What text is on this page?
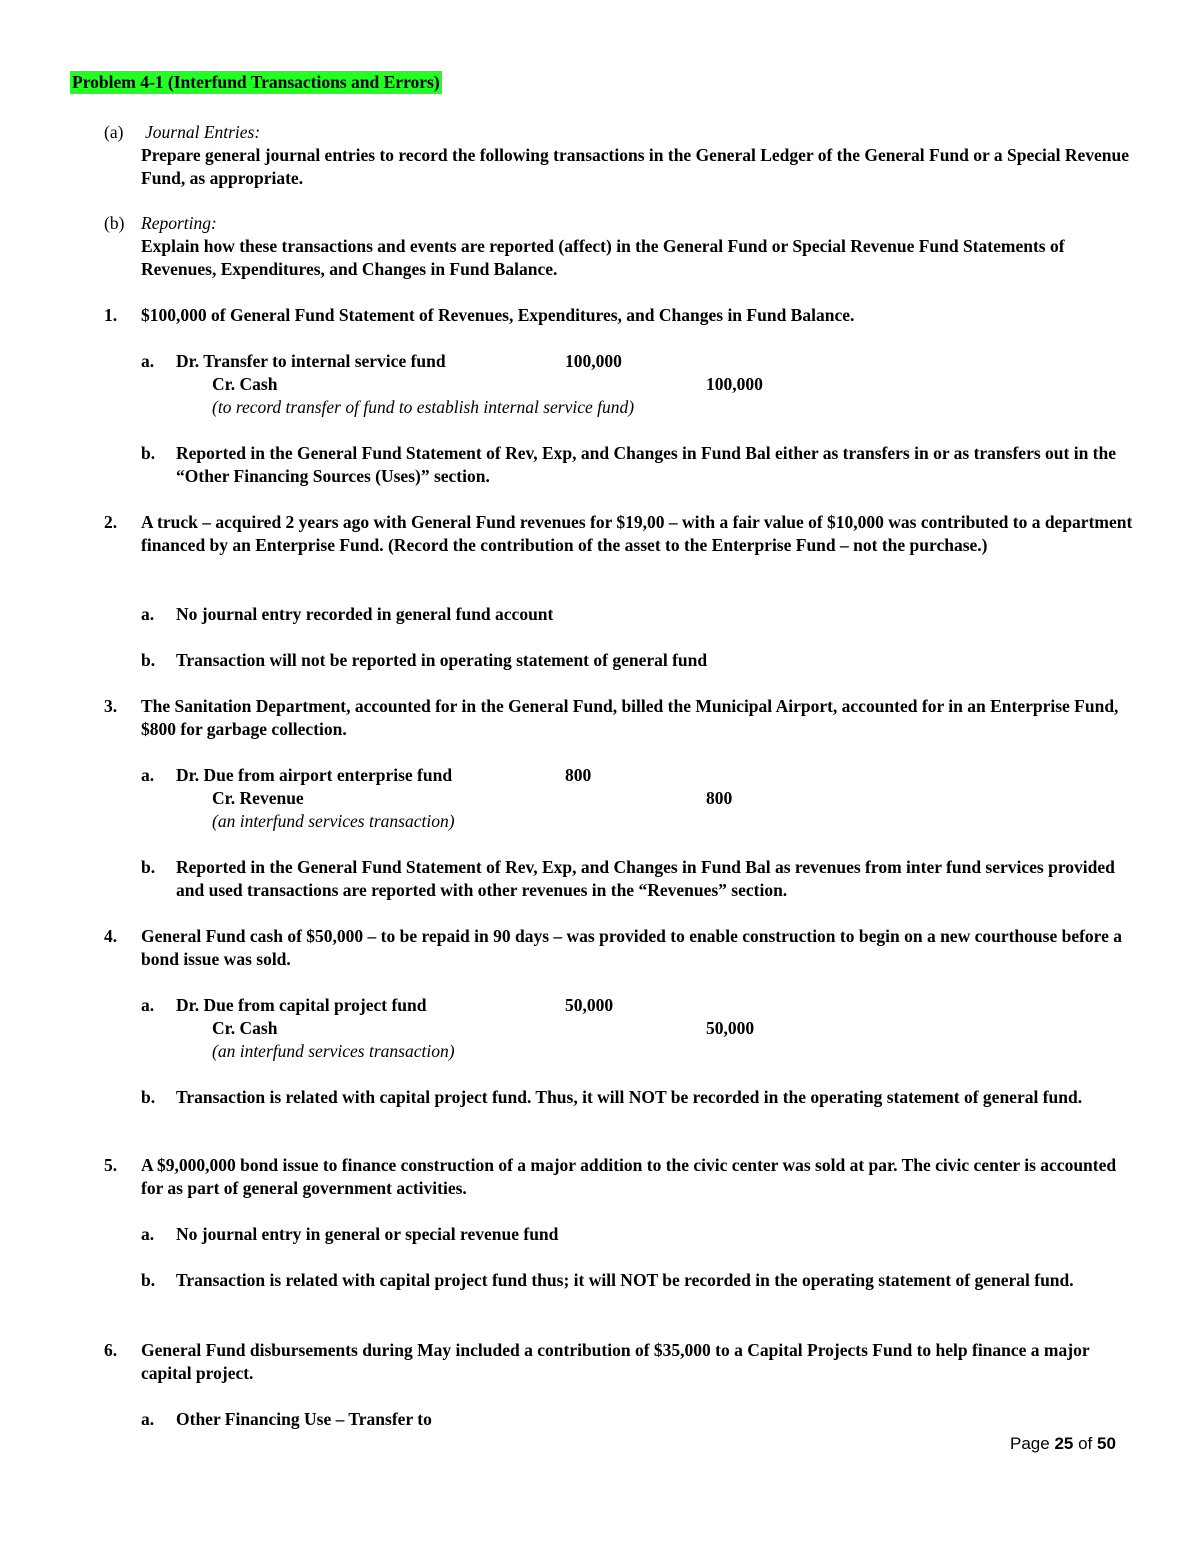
Problem 4-1 (Interfund Transactions and Errors)
(a) Journal Entries:
Prepare general journal entries to record the following transactions in the General Ledger of the General Fund or a Special Revenue Fund, as appropriate.
(b) Reporting:
Explain how these transactions and events are reported (affect) in the General Fund or Special Revenue Fund Statements of Revenues, Expenditures, and Changes in Fund Balance.
1. $100,000 of General Fund Statement of Revenues, Expenditures, and Changes in Fund Balance.
a. Dr. Transfer to internal service fund	100,000
Cr. Cash	100,000
(to record transfer of fund to establish internal service fund)
b. Reported in the General Fund Statement of Rev, Exp, and Changes in Fund Bal either as transfers in or as transfers out in the “Other Financing Sources (Uses)” section.
2. A truck – acquired 2 years ago with General Fund revenues for $19,00 – with a fair value of $10,000 was contributed to a department financed by an Enterprise Fund. (Record the contribution of the asset to the Enterprise Fund – not the purchase.)
a. No journal entry recorded in general fund account
b. Transaction will not be reported in operating statement of general fund
3. The Sanitation Department, accounted for in the General Fund, billed the Municipal Airport, accounted for in an Enterprise Fund, $800 for garbage collection.
a. Dr. Due from airport enterprise fund	800
Cr. Revenue	800
(an interfund services transaction)
b. Reported in the General Fund Statement of Rev, Exp, and Changes in Fund Bal as revenues from inter fund services provided and used transactions are reported with other revenues in the “Revenues” section.
4. General Fund cash of $50,000 – to be repaid in 90 days – was provided to enable construction to begin on a new courthouse before a bond issue was sold.
a. Dr. Due from capital project fund	50,000
Cr. Cash	50,000
(an interfund services transaction)
b. Transaction is related with capital project fund. Thus, it will NOT be recorded in the operating statement of general fund.
5. A $9,000,000 bond issue to finance construction of a major addition to the civic center was sold at par. The civic center is accounted for as part of general government activities.
a. No journal entry in general or special revenue fund
b. Transaction is related with capital project fund thus; it will NOT be recorded in the operating statement of general fund.
6. General Fund disbursements during May included a contribution of $35,000 to a Capital Projects Fund to help finance a major capital project.
a. Other Financing Use – Transfer to
Page 25 of 50
